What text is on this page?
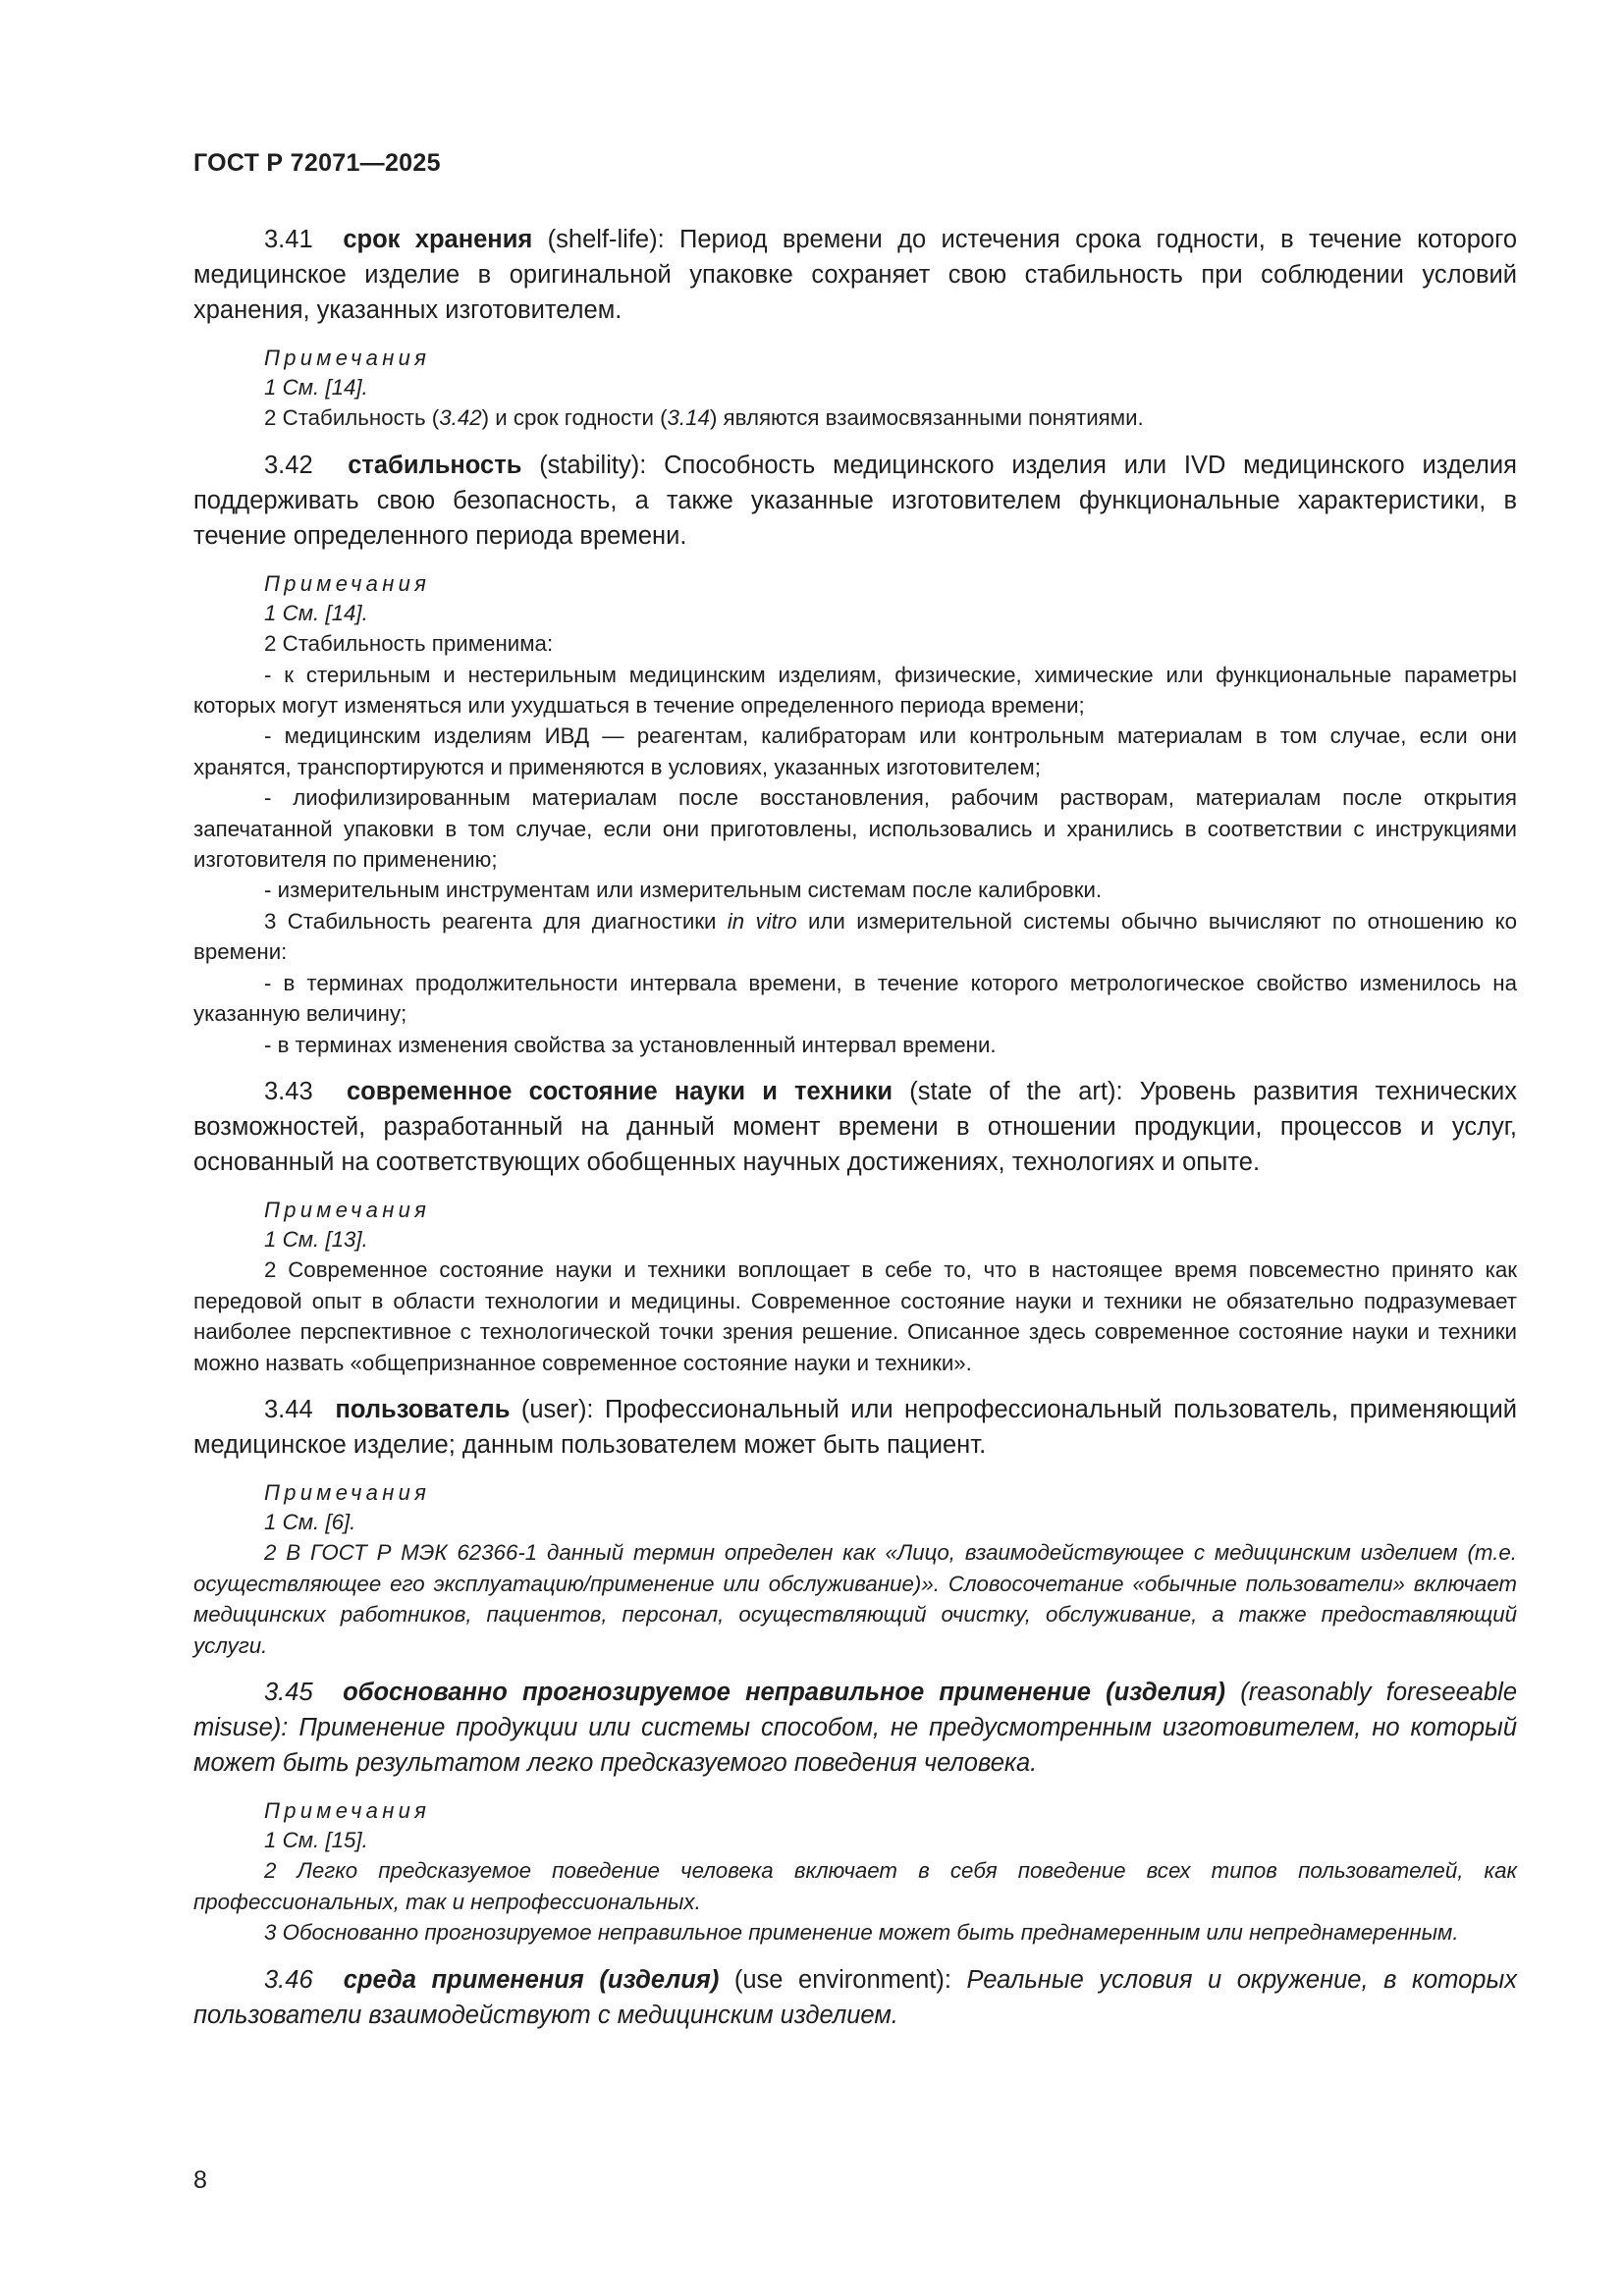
ГОСТ Р 72071—2025

3.41 срок хранения (shelf-life): Период времени до истечения срока годности, в течение которого медицинское изделие в оригинальной упаковке сохраняет свою стабильность при соблюдении условий хранения, указанных изготовителем.

Примечания

1 См. [14].

2 Стабильность (3.42) и срок годности (3.14) являются взаимосвязанными понятиями.

3.42 стабильность (stability): Способность медицинского изделия или IVD медицинского изделия поддерживать свою безопасность, а также указанные изготовителем функциональные характеристики, в течение определенного периода времени.

Примечания

1 См. [14].

2 Стабильность применима:

- к стерильным и нестерильным медицинским изделиям, физические, химические или функциональные параметры которых могут изменяться или ухудшаться в течение определенного периода времени;

- медицинским изделиям ИВД — реагентам, калибраторам или контрольным материалам в том случае, если они хранятся, транспортируются и применяются в условиях, указанных изготовителем;

- лиофилизированным материалам после восстановления, рабочим растворам, материалам после открытия запечатанной упаковки в том случае, если они приготовлены, использовались и хранились в соответствии с инструкциями изготовителя по применению;

- измерительным инструментам или измерительным системам после калибровки.

3 Стабильность реагента для диагностики in vitro или измерительной системы обычно вычисляют по отношению ко времени:

- в терминах продолжительности интервала времени, в течение которого метрологическое свойство изменилось на указанную величину;

- в терминах изменения свойства за установленный интервал времени.

3.43 современное состояние науки и техники (state of the art): Уровень развития технических возможностей, разработанный на данный момент времени в отношении продукции, процессов и услуг, основанный на соответствующих обобщенных научных достижениях, технологиях и опыте.

Примечания

1 См. [13].

2 Современное состояние науки и техники воплощает в себе то, что в настоящее время повсеместно принято как передовой опыт в области технологии и медицины. Современное состояние науки и техники не обязательно подразумевает наиболее перспективное с технологической точки зрения решение. Описанное здесь современное состояние науки и техники можно назвать «общепризнанное современное состояние науки и техники».

3.44 пользователь (user): Профессиональный или непрофессиональный пользователь, применяющий медицинское изделие; данным пользователем может быть пациент.

Примечания

1 См. [6].

2 В ГОСТ Р МЭК 62366-1 данный термин определен как «Лицо, взаимодействующее с медицинским изделием (т.е. осуществляющее его эксплуатацию/применение или обслуживание)». Словосочетание «обычные пользователи» включает медицинских работников, пациентов, персонал, осуществляющий очистку, обслуживание, а также предоставляющий услуги.

3.45 обоснованно прогнозируемое неправильное применение (изделия) (reasonably foreseeable misuse): Применение продукции или системы способом, не предусмотренным изготовителем, но который может быть результатом легко предсказуемого поведения человека.

Примечания

1 См. [15].

2 Легко предсказуемое поведение человека включает в себя поведение всех типов пользователей, как профессиональных, так и непрофессиональных.

3 Обоснованно прогнозируемое неправильное применение может быть преднамеренным или непреднамеренным.

3.46 среда применения (изделия) (use environment): Реальные условия и окружение, в которых пользователи взаимодействуют с медицинским изделием.

8
